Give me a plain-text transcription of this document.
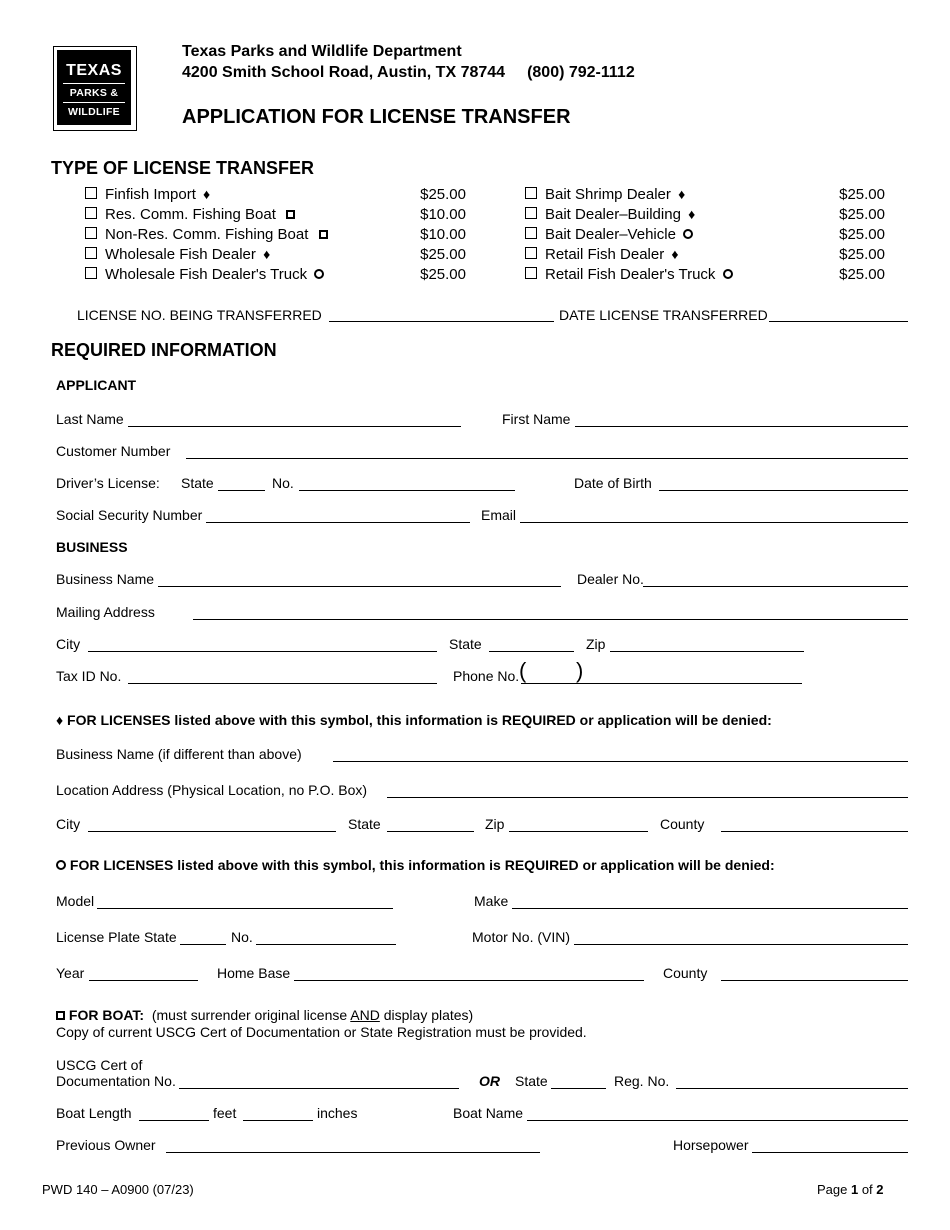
TEXAS
PARKS &
WILDLIFE
Texas Parks and Wildlife Department
4200 Smith School Road, Austin, TX 78744 (800) 792-1112
APPLICATION FOR LICENSE TRANSFER
TYPE OF LICENSE TRANSFER
Finfish Import ♦	$25.00
Res. Comm. Fishing Boat	$10.00
Non-Res. Comm. Fishing Boat	$10.00
Wholesale Fish Dealer ♦	$25.00
Wholesale Fish Dealer's Truck	$25.00
Bait Shrimp Dealer ♦	$25.00
Bait Dealer–Building ♦	$25.00
Bait Dealer–Vehicle	$25.00
Retail Fish Dealer ♦	$25.00
Retail Fish Dealer's Truck	$25.00
LICENSE NO. BEING TRANSFERRED	DATE LICENSE TRANSFERRED
REQUIRED INFORMATION
APPLICANT
Last Name	First Name
Customer Number
Driver’s License: State	No.	Date of Birth
Social Security Number	Email
BUSINESS
Business Name	Dealer No.
Mailing Address
City	State	Zip
Tax ID No.	Phone No. ( )
♦ FOR LICENSES listed above with this symbol, this information is REQUIRED or application will be denied:
Business Name (if different than above)
Location Address (Physical Location, no P.O. Box)
City	State	Zip	County
FOR LICENSES listed above with this symbol, this information is REQUIRED or application will be denied:
Model	Make
License Plate State	No.	Motor No. (VIN)
Year	Home Base	County
FOR BOAT: (must surrender original license AND display plates)
Copy of current USCG Cert of Documentation or State Registration must be provided.
USCG Cert of
Documentation No.	OR State	Reg. No.
Boat Length	feet	inches	Boat Name
Previous Owner	Horsepower
PWD 140 – A0900 (07/23)	Page 1 of 2
